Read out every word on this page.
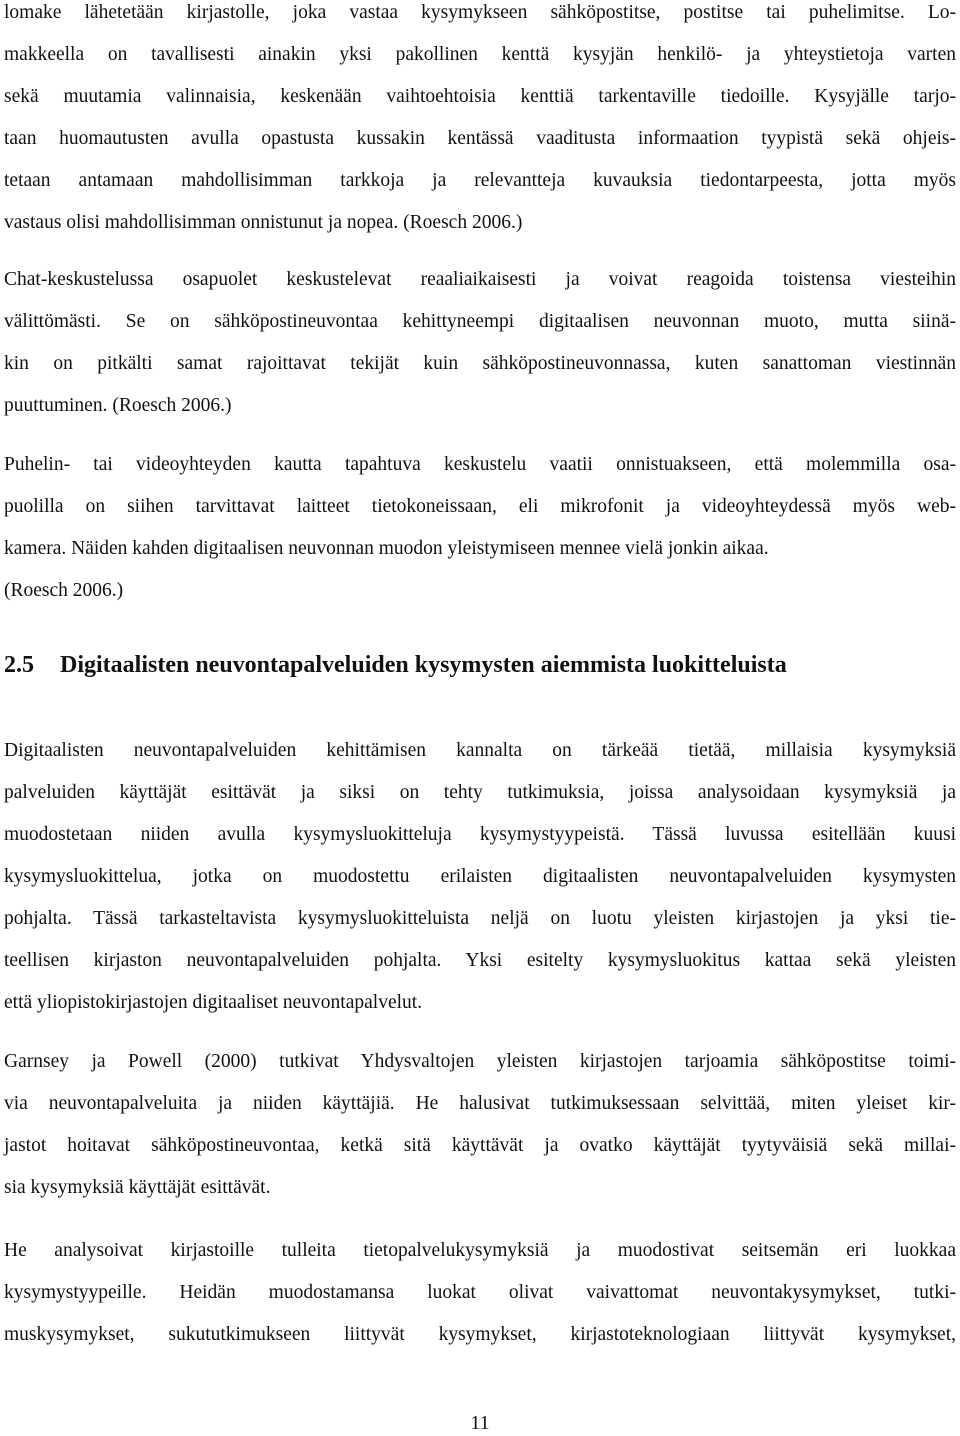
lomake lähetetään kirjastolle, joka vastaa kysymykseen sähköpostitse, postitse tai puhelimitse. Lo-
makkeella on tavallisesti ainakin yksi pakollinen kenttä kysyjän henkilö- ja yhteystietoja varten
sekä muutamia valinnaisia, keskenään vaihtoehtoisia kenttiä tarkentaville tiedoille. Kysyjälle tarjo-
taan huomautusten avulla opastusta kussakin kentässä vaaditusta informaation tyypistä sekä ohjeis-
tetaan antamaan mahdollisimman tarkkoja ja relevantteja kuvauksia tiedontarpeesta, jotta myös
vastaus olisi mahdollisimman onnistunut ja nopea. (Roesch 2006.)

Chat-keskustelussa osapuolet keskustelevat reaaliaikaisesti ja voivat reagoida toistensa viesteihin
välittömästi. Se on sähköpostineuvontaa kehittyneempi digitaalisen neuvonnan muoto, mutta siinä-
kin on pitkälti samat rajoittavat tekijät kuin sähköpostineuvonnassa, kuten sanattoman viestinnän
puuttuminen. (Roesch 2006.)

Puhelin- tai videoyhteyden kautta tapahtuva keskustelu vaatii onnistuakseen, että molemmilla osa-
puolilla on siihen tarvittavat laitteet tietokoneissaan, eli mikrofonit ja videoyhteydessä myös web-
kamera. Näiden kahden digitaalisen neuvonnan muodon yleistymiseen mennee vielä jonkin aikaa.
(Roesch 2006.)

2.5 Digitaalisten neuvontapalveluiden kysymysten aiemmista luokitteluista

Digitaalisten neuvontapalveluiden kehittämisen kannalta on tärkeää tietää, millaisia kysymyksiä
palveluiden käyttäjät esittävät ja siksi on tehty tutkimuksia, joissa analysoidaan kysymyksiä ja
muodostetaan niiden avulla kysymysluokitteluja kysymystyypeistä. Tässä luvussa esitellään kuusi
kysymysluokittelua, jotka on muodostettu erilaisten digitaalisten neuvontapalveluiden kysymysten
pohjalta. Tässä tarkasteltavista kysymysluokitteluista neljä on luotu yleisten kirjastojen ja yksi tie-
teellisen kirjaston neuvontapalveluiden pohjalta. Yksi esitelty kysymysluokitus kattaa sekä yleisten
että yliopistokirjastojen digitaaliset neuvontapalvelut.

Garnsey ja Powell (2000) tutkivat Yhdysvaltojen yleisten kirjastojen tarjoamia sähköpostitse toimi-
via neuvontapalveluita ja niiden käyttäjiä. He halusivat tutkimuksessaan selvittää, miten yleiset kir-
jastot hoitavat sähköpostineuvontaa, ketkä sitä käyttävät ja ovatko käyttäjät tyytyväisiä sekä millai-
sia kysymyksiä käyttäjät esittävät.

He analysoivat kirjastoille tulleita tietopalvelukysymyksiä ja muodostivat seitsemän eri luokkaa
kysymystyypeille. Heidän muodostamansa luokat olivat vaivattomat neuvontakysymykset, tutki-
muskysymykset, sukututkimukseen liittyvät kysymykset, kirjastoteknologiaan liittyvät kysymykset,

11
